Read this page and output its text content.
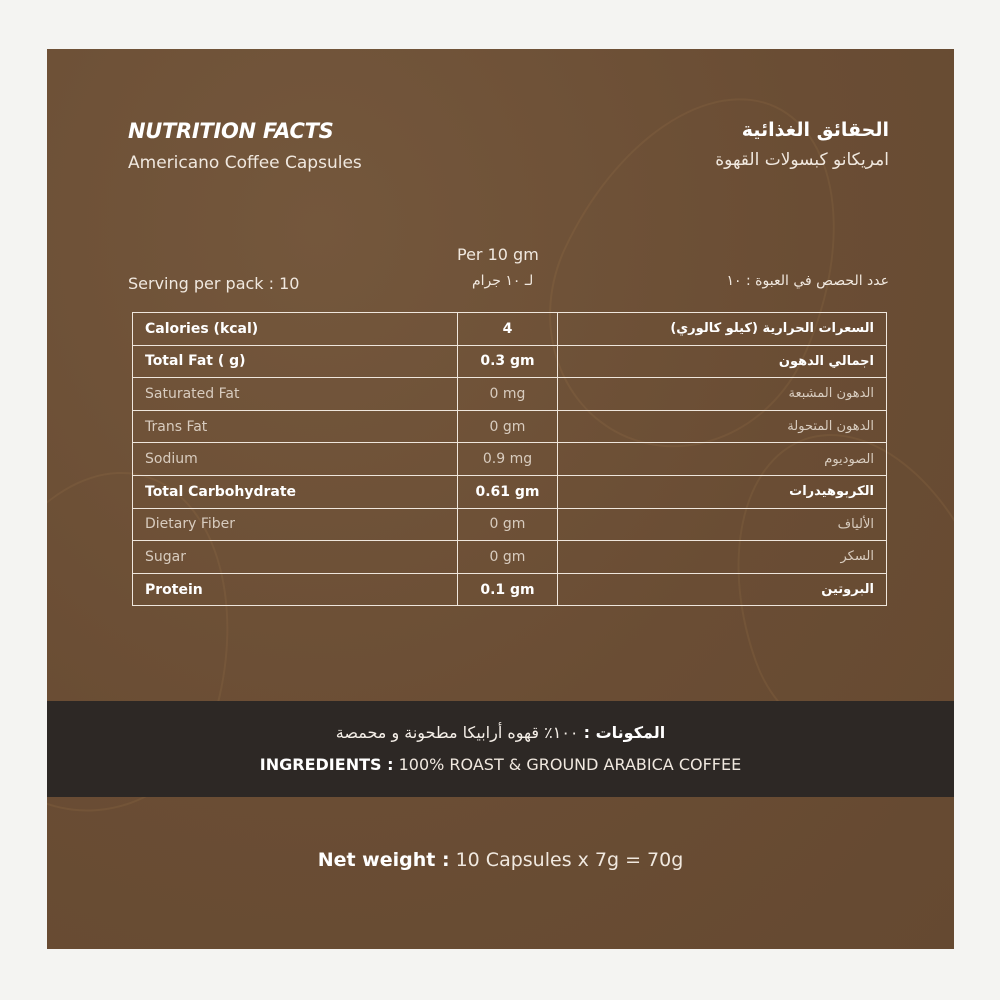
NUTRITION FACTS
Americano Coffee Capsules
الحقائق الغذائية
امريكانو كبسولات القهوة
Per 10 gm
لـ ١٠ جرام
Serving per pack : 10	عدد الحصص في العبوة : ١٠
Calories (kcal)	4	السعرات الحرارية (كيلو كالوري)
Total Fat ( g)	0.3 gm	اجمالي الدهون
Saturated Fat	0 mg	الدهون المشبعة
Trans Fat	0 gm	الدهون المتحولة
Sodium	0.9 mg	الصوديوم
Total Carbohydrate	0.61 gm	الكربوهيدرات
Dietary Fiber	0 gm	الألياف
Sugar	0 gm	السكر
Protein	0.1 gm	البروتين
المكونات : ١٠٠٪ قهوه أرابيكا مطحونة و محمصة
INGREDIENTS : 100% ROAST & GROUND ARABICA COFFEE
Net weight : 10 Capsules x 7g = 70g
